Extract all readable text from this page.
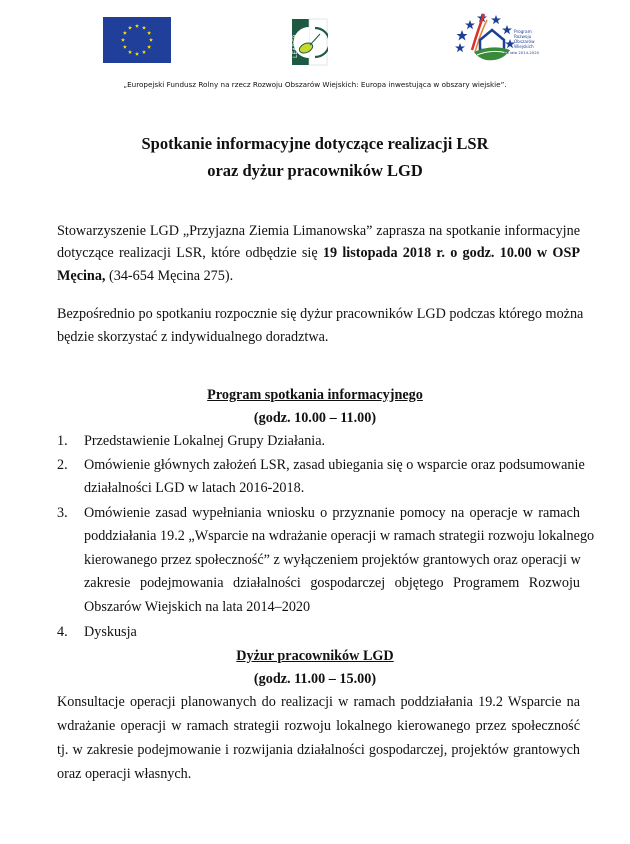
LEADER
Program
Rozwoju
Obszarów
Wiejskich
na lata 2014-2020
„Europejski Fundusz Rolny na rzecz Rozwoju Obszarów Wiejskich: Europa inwestująca w obszary wiejskie”.
Spotkanie informacyjne dotyczące realizacji LSR
oraz dyżur pracowników LGD
Stowarzyszenie LGD „Przyjazna Ziemia Limanowska” zaprasza na spotkanie informacyjne
dotyczące realizacji LSR, które odbędzie się 19 listopada 2018 r. o godz. 10.00 w OSP
Męcina, (34-654 Męcina 275).
Bezpośrednio po spotkaniu rozpocznie się dyżur pracowników LGD podczas którego można
będzie skorzystać z indywidualnego doradztwa.
Program spotkania informacyjnego
(godz. 10.00 – 11.00)
1. Przedstawienie Lokalnej Grupy Działania.
2. Omówienie głównych założeń LSR, zasad ubiegania się o wsparcie oraz podsumowanie
działalności LGD w latach 2016-2018.
3. Omówienie zasad wypełniania wniosku o przyznanie pomocy na operacje w ramach
poddziałania 19.2 „Wsparcie na wdrażanie operacji w ramach strategii rozwoju lokalnego
kierowanego przez społeczność” z wyłączeniem projektów grantowych oraz operacji w
zakresie podejmowania działalności gospodarczej objętego Programem Rozwoju
Obszarów Wiejskich na lata 2014–2020
4. Dyskusja
Dyżur pracowników LGD
(godz. 11.00 – 15.00)
Konsultacje operacji planowanych do realizacji w ramach poddziałania 19.2 Wsparcie na
wdrażanie operacji w ramach strategii rozwoju lokalnego kierowanego przez społeczność
tj. w zakresie podejmowanie i rozwijania działalności gospodarczej, projektów grantowych
oraz operacji własnych.
